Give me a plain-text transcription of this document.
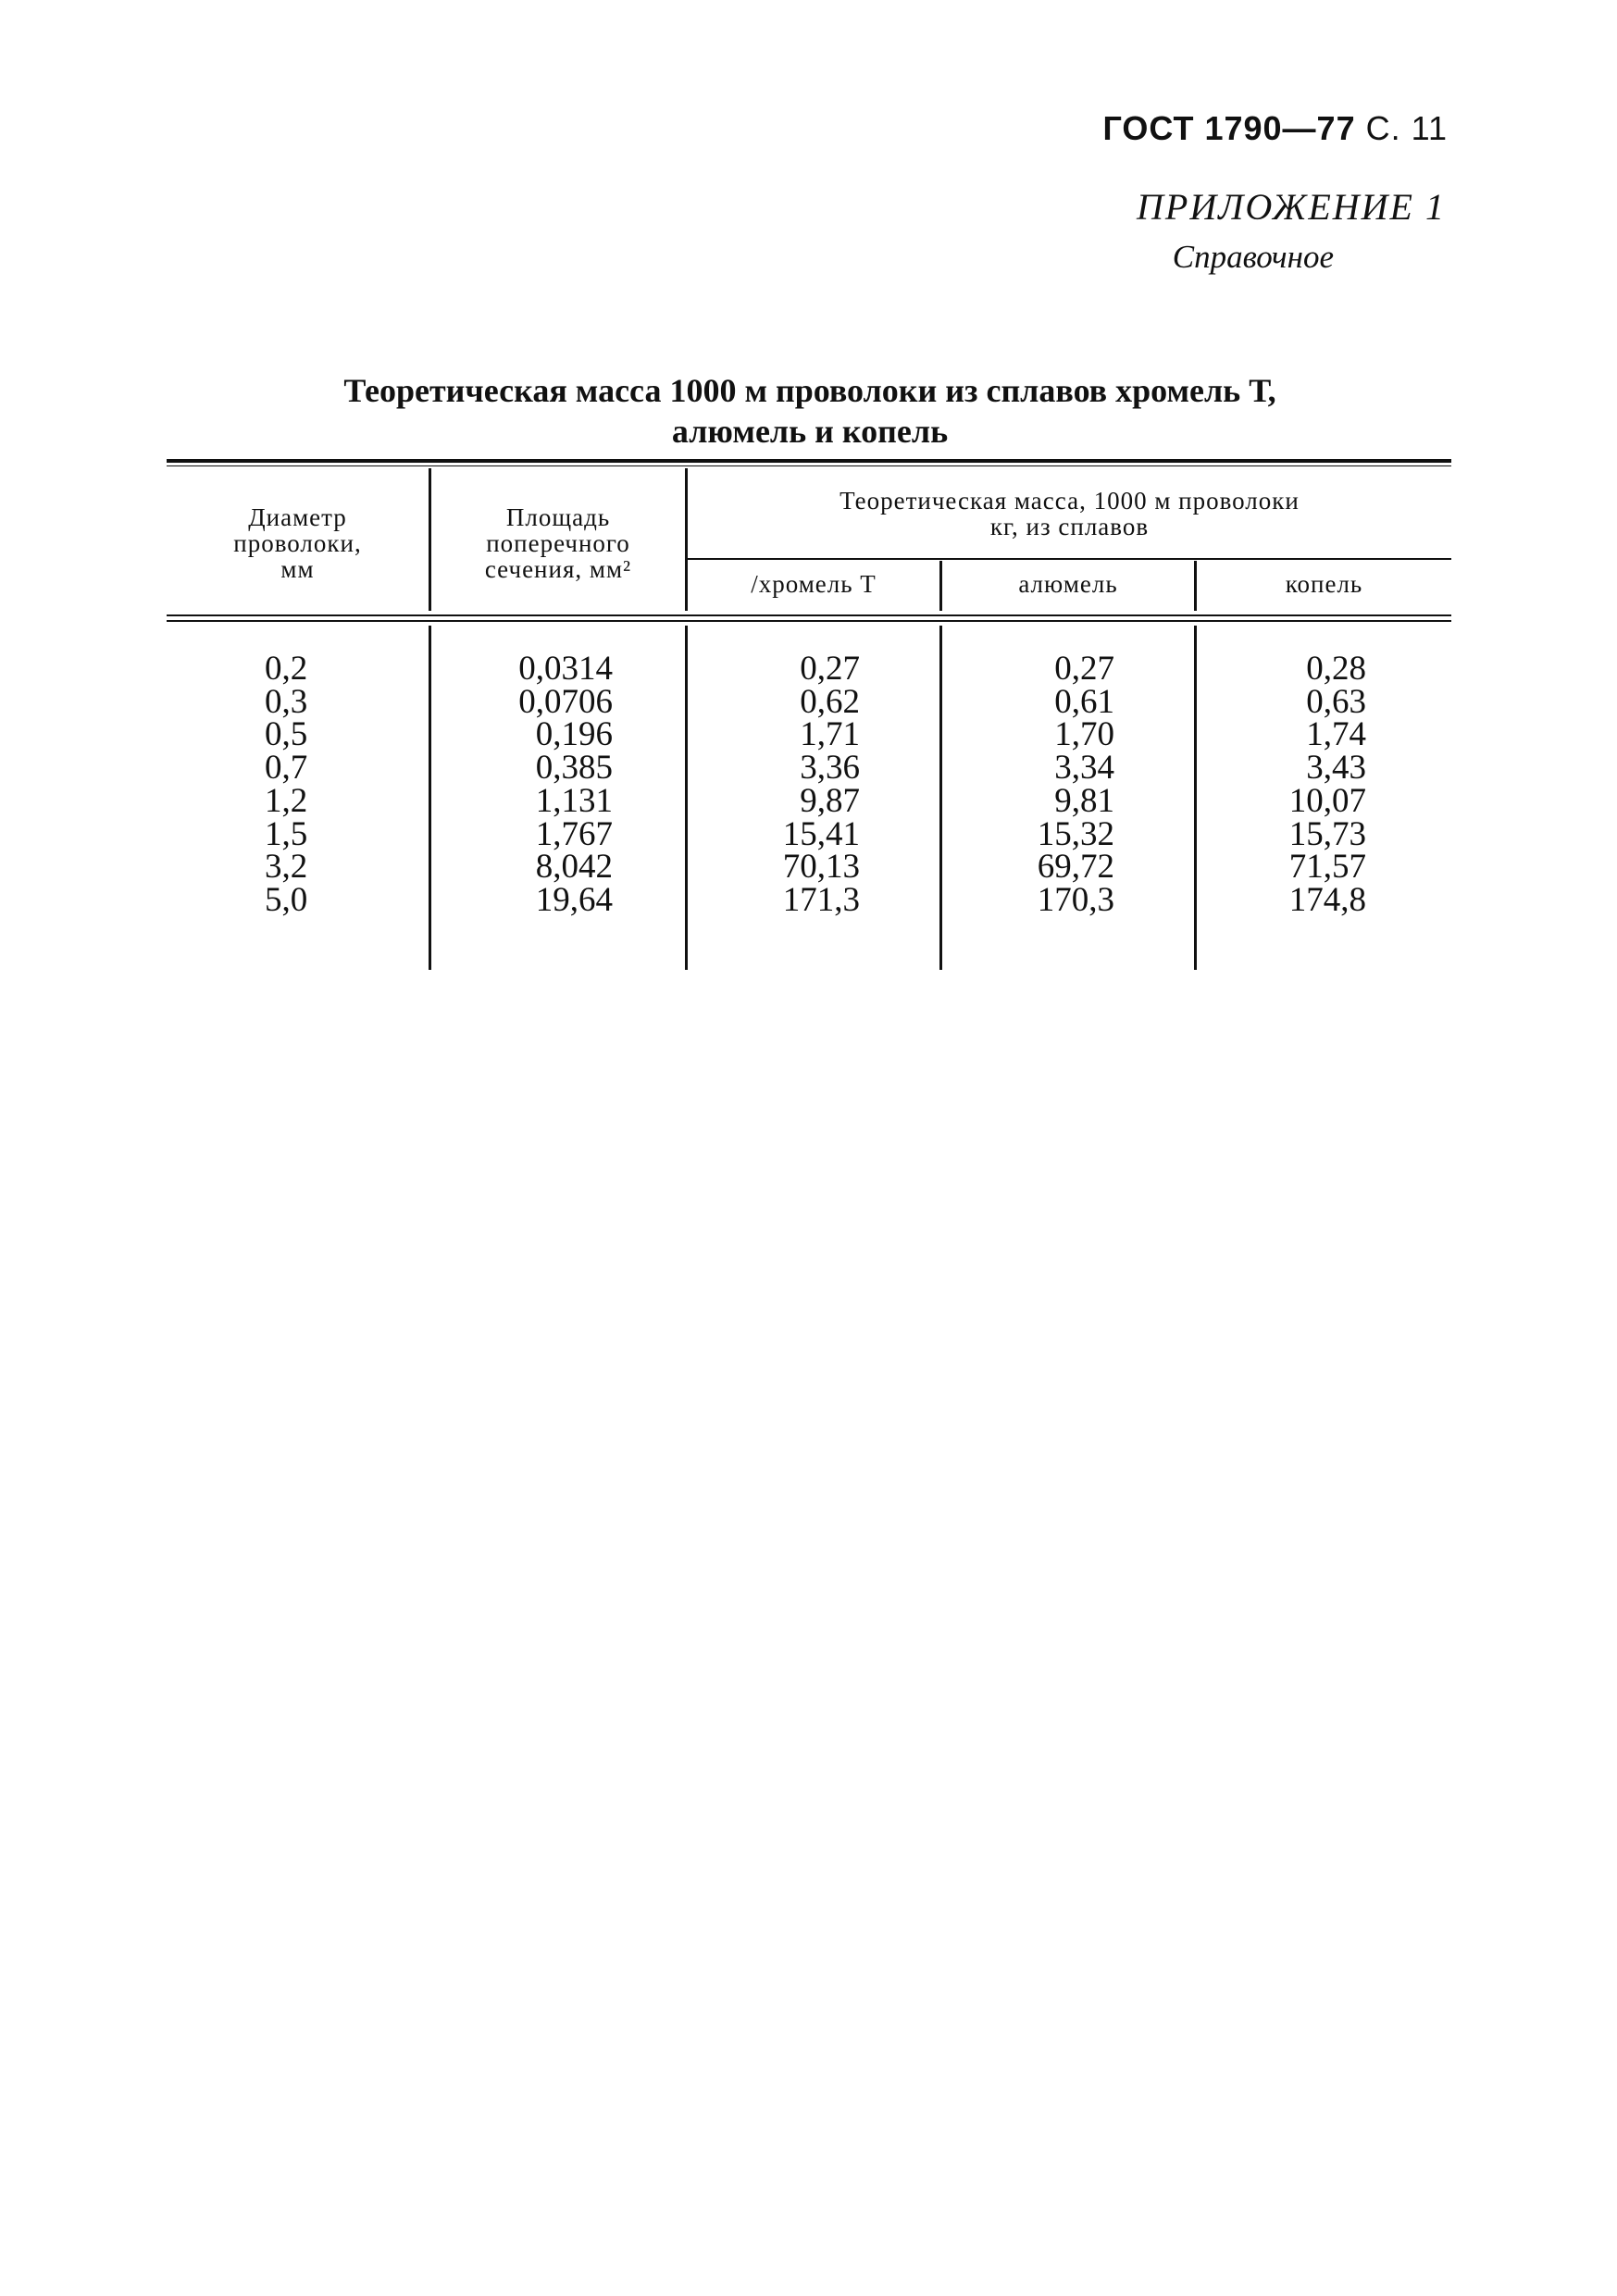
ГОСТ 1790—77 С. 11
ПРИЛОЖЕНИЕ 1
Справочное
Теоретическая масса 1000 м проволоки из сплавов хромель Т,
алюмель и копель
Диаметр
проволоки,
мм
Площадь
поперечного
сечения, мм²
Теоретическая масса, 1000 м проволоки
кг, из сплавов
/хромель Т	алюмель	копель
0,2
0,3
0,5
0,7
1,2
1,5
3,2
5,0
0,0314
0,0706
0,196
0,385
1,131
1,767
8,042
19,64
0,27
0,62
1,71
3,36
9,87
15,41
70,13
171,3
0,27
0,61
1,70
3,34
9,81
15,32
69,72
170,3
0,28
0,63
1,74
3,43
10,07
15,73
71,57
174,8
